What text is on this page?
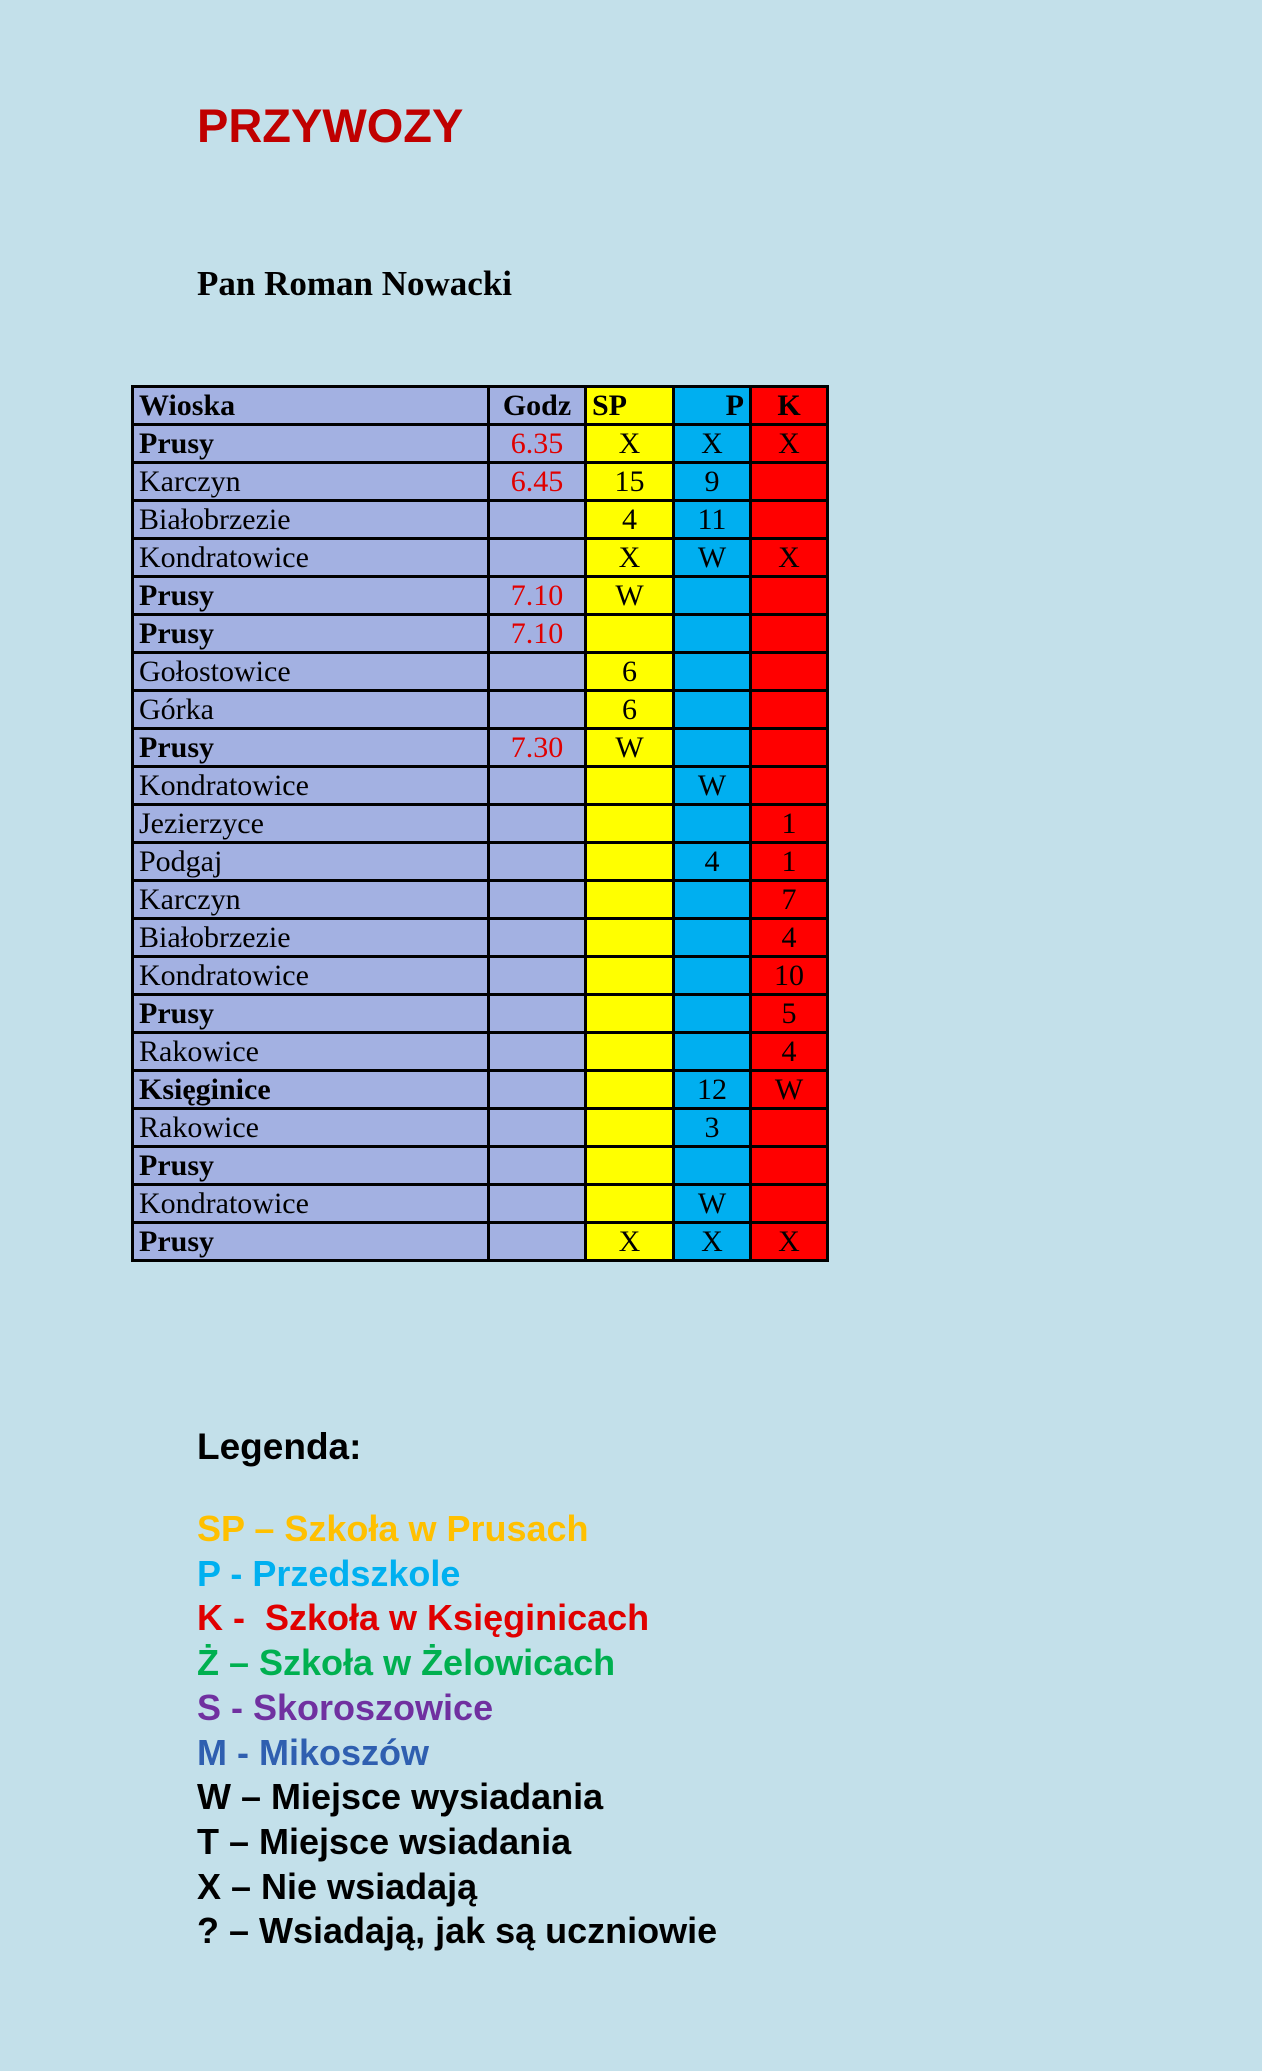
PRZYWOZY
Pan Roman Nowacki
Wioska	Godz	SP	P	K
Prusy	6.35	X	X	X
Karczyn	6.45	15	9	
Białobrzezie		4	11	
Kondratowice		X	W	X
Prusy	7.10	W		
Prusy	7.10			
Gołostowice		6		
Górka		6		
Prusy	7.30	W		
Kondratowice			W	
Jezierzyce				1
Podgaj			4	1
Karczyn				7
Białobrzezie				4
Kondratowice				10
Prusy				5
Rakowice				4
Księginice			12	W
Rakowice			3	
Prusy				
Kondratowice			W	
Prusy		X	X	X
Legenda:
SP – Szkoła w Prusach
P - Przedszkole
K -  Szkoła w Księginicach
Ż – Szkoła w Żelowicach
S - Skoroszowice
M - Mikoszów
W – Miejsce wysiadania
T – Miejsce wsiadania
X – Nie wsiadają
? – Wsiadają, jak są uczniowie
